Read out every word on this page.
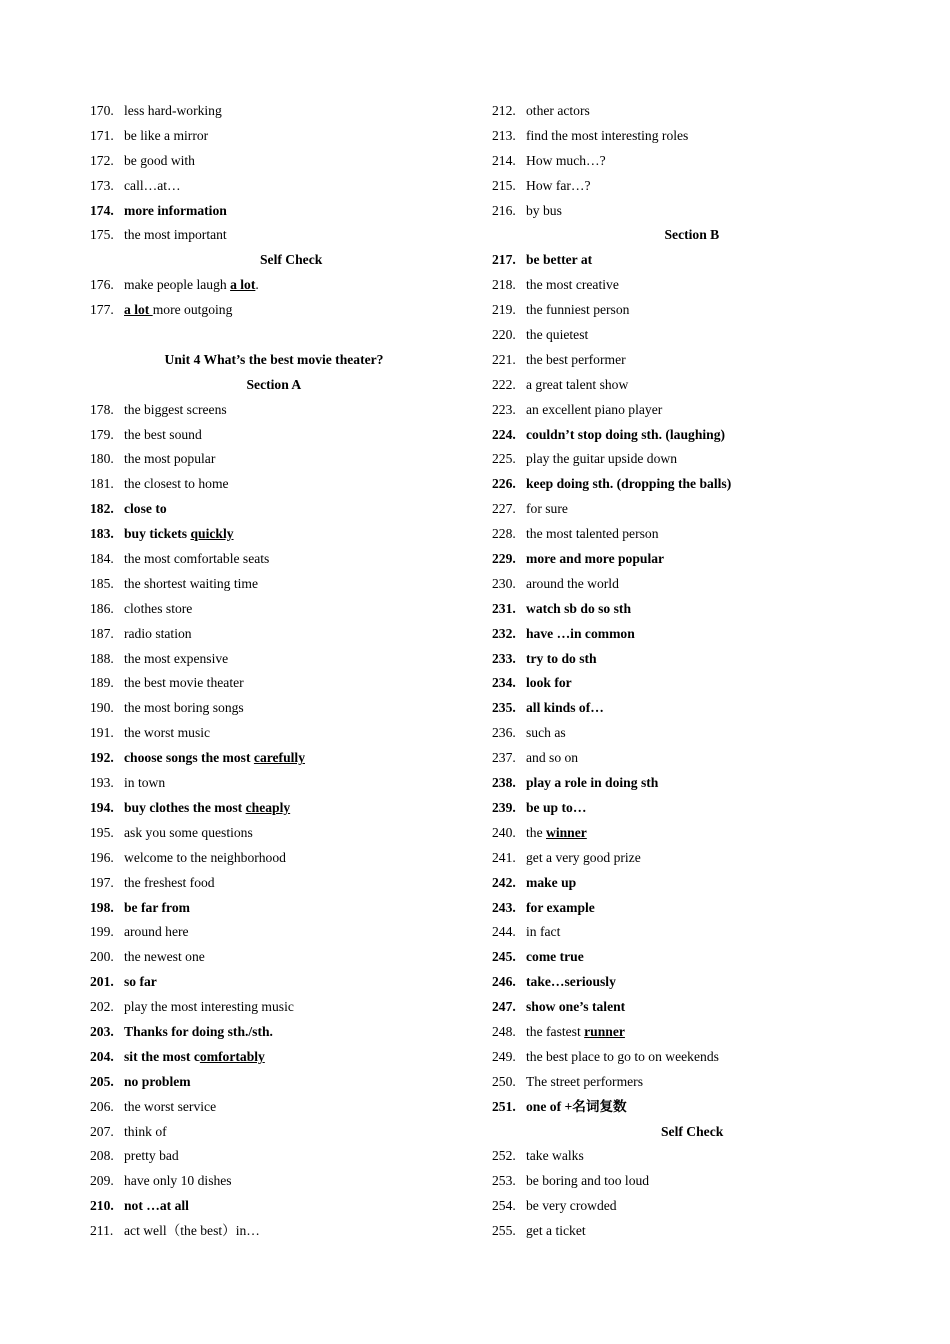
170. less hard-working
171. be like a mirror
172. be good with
173. call…at…
174. more information
175. the most important
Self Check
176. make people laugh a lot.
177. a lot more outgoing
Unit 4 What’s the best movie theater?
Section A
178. the biggest screens
179. the best sound
180. the most popular
181. the closest to home
182. close to
183. buy tickets quickly
184. the most comfortable seats
185. the shortest waiting time
186. clothes store
187. radio station
188. the most expensive
189. the best movie theater
190. the most boring songs
191. the worst music
192. choose songs the most carefully
193. in town
194. buy clothes the most cheaply
195. ask you some questions
196. welcome to the neighborhood
197. the freshest food
198. be far from
199. around here
200. the newest one
201. so far
202. play the most interesting music
203. Thanks for doing sth./sth.
204. sit the most comfortably
205. no problem
206. the worst service
207. think of
208. pretty bad
209. have only 10 dishes
210. not …at all
211. act well（the best）in…
212. other actors
213. find the most interesting roles
214. How much…?
215. How far…?
216. by bus
Section B
217. be better at
218. the most creative
219. the funniest person
220. the quietest
221. the best performer
222. a great talent show
223. an excellent piano player
224. couldn’t stop doing sth. (laughing)
225. play the guitar upside down
226. keep doing sth. (dropping the balls)
227. for sure
228. the most talented person
229. more and more popular
230. around the world
231. watch sb do so sth
232. have …in common
233. try to do sth
234. look for
235. all kinds of…
236. such as
237. and so on
238. play a role in doing sth
239. be up to…
240. the winner
241. get a very good prize
242. make up
243. for example
244. in fact
245. come true
246. take…seriously
247. show one’s talent
248. the fastest runner
249. the best place to go to on weekends
250. The street performers
251. one of +名词复数
Self Check
252. take walks
253. be boring and too loud
254. be very crowded
255. get a ticket
